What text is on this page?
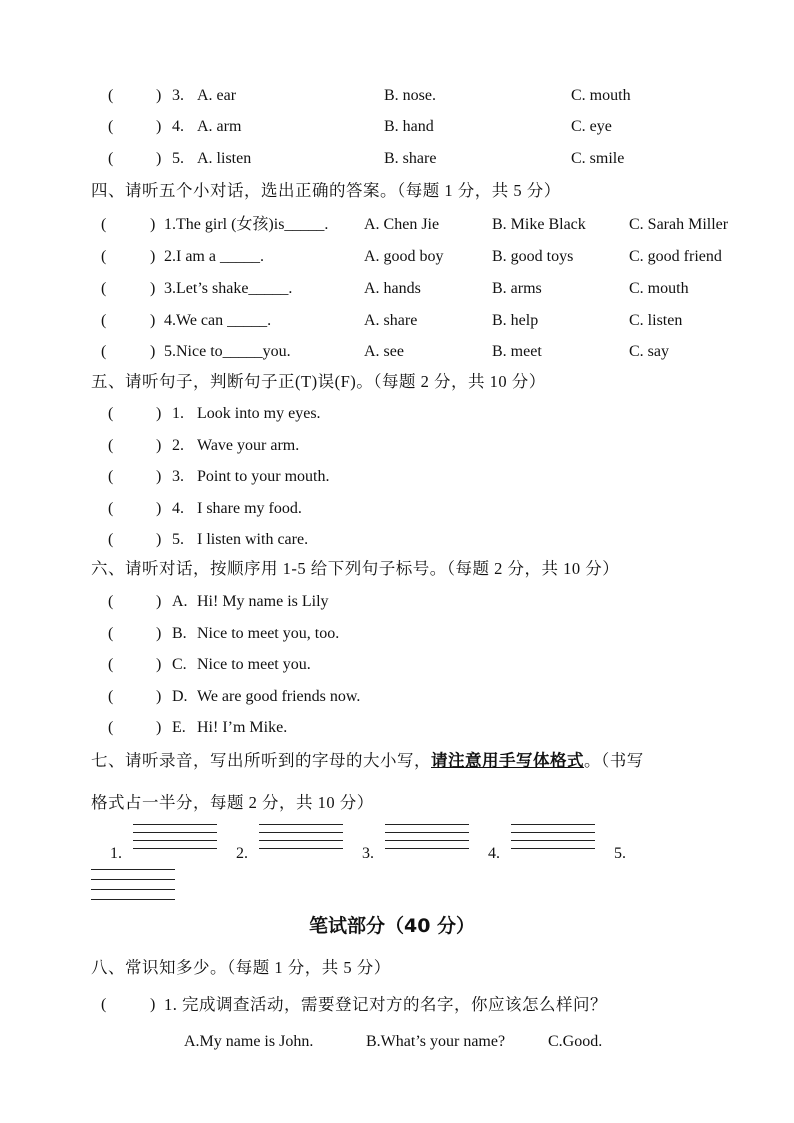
(	) 3. A. ear	B. nose.	C. mouth
(	) 4. A. arm	B. hand	C. eye
(	) 5. A. listen	B. share	C. smile
四、请听五个小对话，选出正确的答案。（每题 1 分，共 5 分）
(	) 1.The girl (女孩)is_____. A. Chen Jie	B. Mike Black	C. Sarah Miller
(	) 2.I am a _____.	A. good boy	B. good toys	C. good friend
(	) 3.Let’s shake_____.	A. hands	B. arms	C. mouth
(	) 4.We can _____.	A. share	B. help	C. listen
(	) 5.Nice to_____you.	A. see	B. meet	C. say
五、请听句子，判断句子正(T)误(F)。（每题 2 分，共 10 分）
(	) 1. Look into my eyes.
(	) 2. Wave your arm.
(	) 3. Point to your mouth.
(	) 4. I share my food.
(	) 5. I listen with care.
六、请听对话，按顺序用 1-5 给下列句子标号。（每题 2 分，共 10 分）
(	) A. Hi! My name is Lily
(	) B. Nice to meet you, too.
(	) C. Nice to meet you.
(	) D. We are good friends now.
(	) E. Hi! I’m Mike.
七、请听录音，写出所听到的字母的大小写，请注意用手写体格式。（书写
格式占一半分，每题 2 分，共 10 分）
1.	2.	3.	4.	5.
笔试部分（40 分）
八、常识知多少。（每题 1 分，共 5 分）
(	) 1. 完成调查活动，需要登记对方的名字，你应该怎么样问？
A.My name is John.	B.What’s your name?	C.Good.
